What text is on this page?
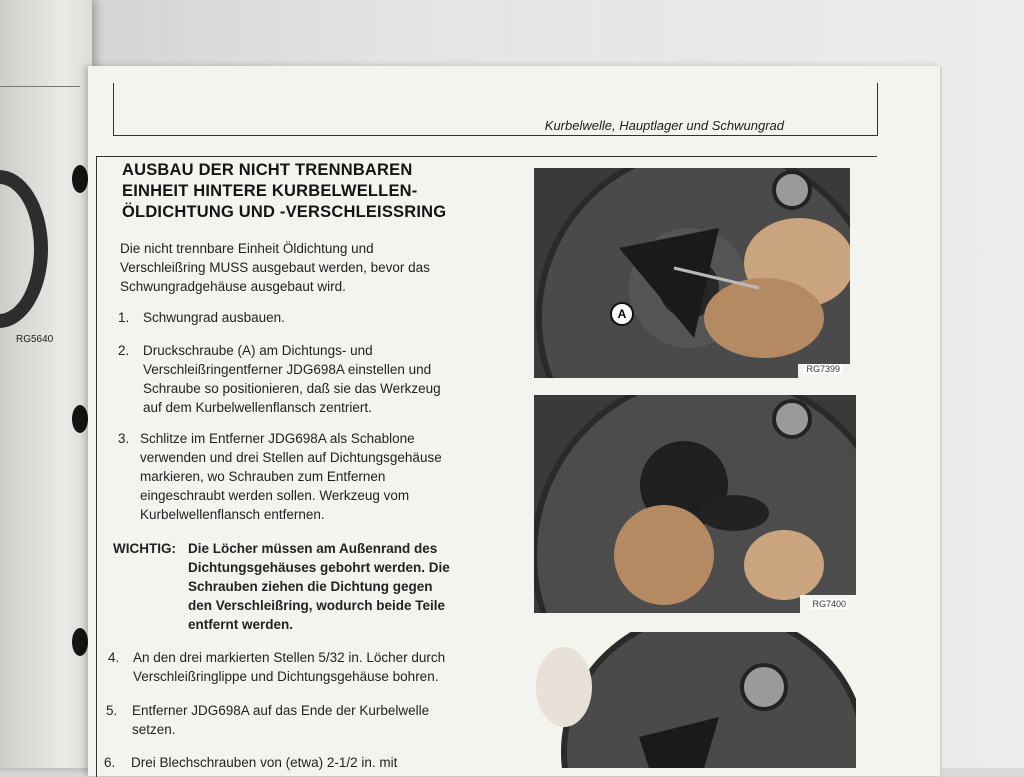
RG5640
Kurbelwelle, Hauptlager und Schwungrad
AUSBAU DER NICHT TRENNBAREN
EINHEIT HINTERE KURBELWELLEN-
ÖLDICHTUNG UND -VERSCHLEISSRING
Die nicht trennbare Einheit Öldichtung und
Verschleißring MUSS ausgebaut werden, bevor das
Schwungradgehäuse ausgebaut wird.
1.	Schwungrad ausbauen.
2.	Druckschraube (A) am Dichtungs- und
Verschleißringentferner JDG698A einstellen und
Schraube so positionieren, daß sie das Werkzeug
auf dem Kurbelwellenflansch zentriert.
3. Schlitze im Entferner JDG698A als Schablone
verwenden und drei Stellen auf Dichtungsgehäuse
markieren, wo Schrauben zum Entfernen
eingeschraubt werden sollen. Werkzeug vom
Kurbelwellenflansch entfernen.
WICHTIG: Die Löcher müssen am Außenrand des
Dichtungsgehäuses gebohrt werden. Die
Schrauben ziehen die Dichtung gegen
den Verschleißring, wodurch beide Teile
entfernt werden.
4.	An den drei markierten Stellen 5/32 in. Löcher durch
Verschleißringlippe und Dichtungsgehäuse bohren.
5.	Entferner JDG698A auf das Ende der Kurbelwelle
setzen.
6.	Drei Blechschrauben von (etwa) 2-1/2 in. mit
RG7399
A
RG7400
